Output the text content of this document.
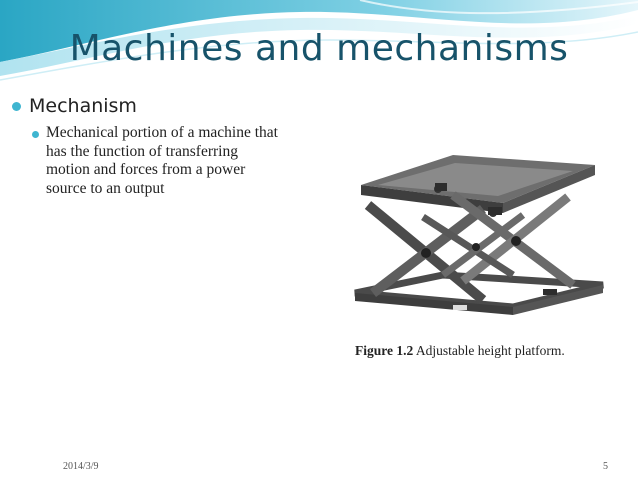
Machines and mechanisms
Mechanism
Figure 1.2 Adjustable height platform.
Mechanical portion of a machine that
has the function of transferring
motion and forces from a power
source to an output
2014/3/9	5
